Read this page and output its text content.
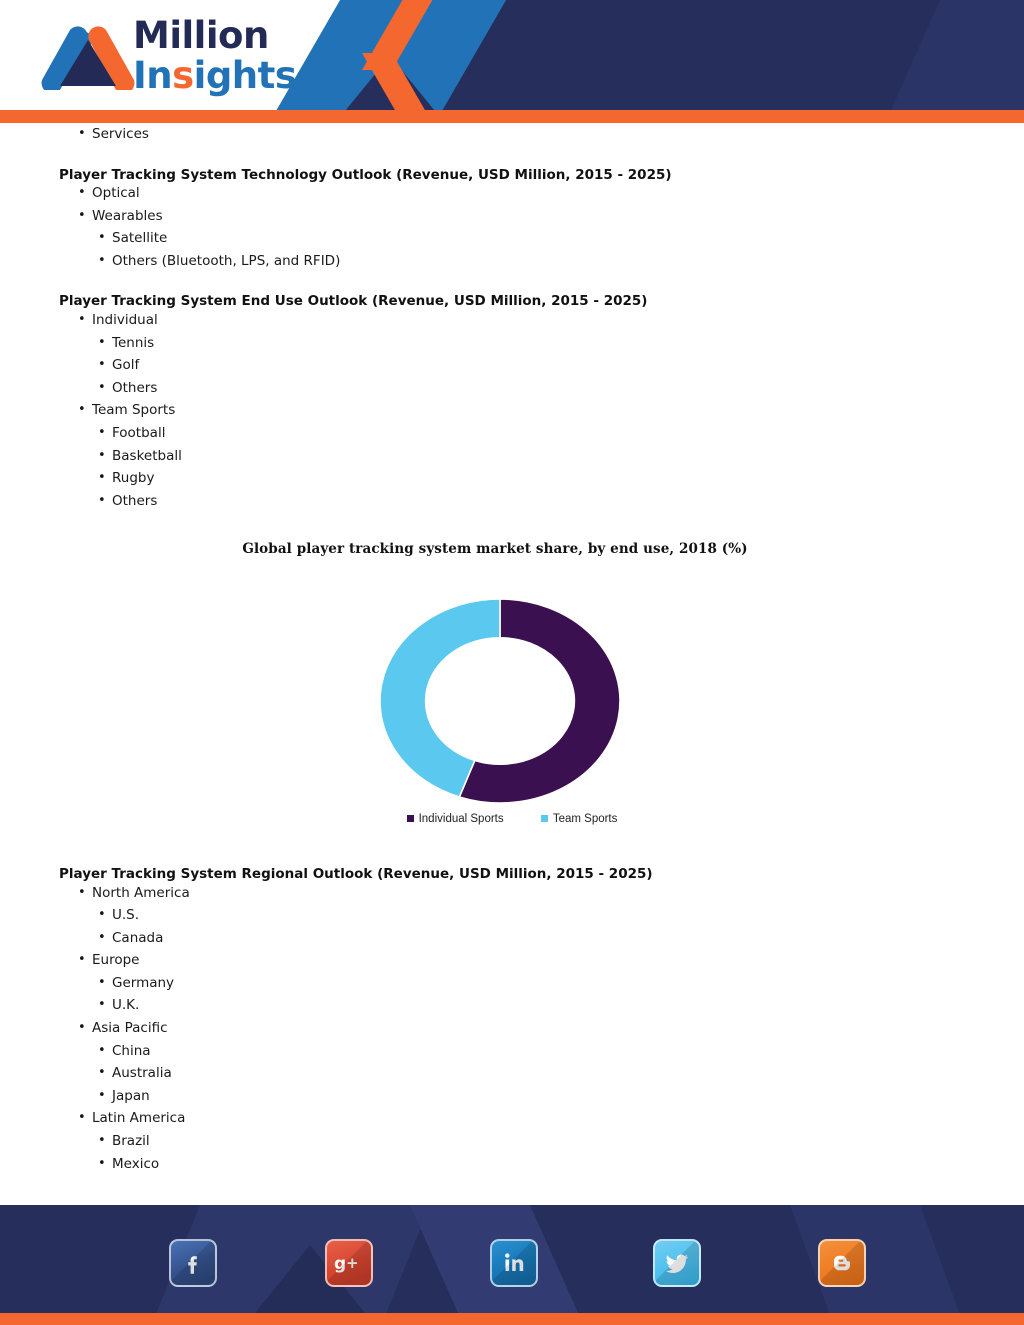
Million
Insights
• Services
Player Tracking System Technology Outlook (Revenue, USD Million, 2015 - 2025)
• Optical
• Wearables
• Satellite
• Others (Bluetooth, LPS, and RFID)
Player Tracking System End Use Outlook (Revenue, USD Million, 2015 - 2025)
• Individual
• Tennis
• Golf
• Others
• Team Sports
• Football
• Basketball
• Rugby
• Others
Global player tracking system market share, by end use, 2018 (%)
Individual Sports	Team Sports
Player Tracking System Regional Outlook (Revenue, USD Million, 2015 - 2025)
• North America
• U.S.
• Canada
• Europe
• Germany
• U.K.
• Asia Pacific
• China
• Australia
• Japan
• Latin America
• Brazil
• Mexico
g +
